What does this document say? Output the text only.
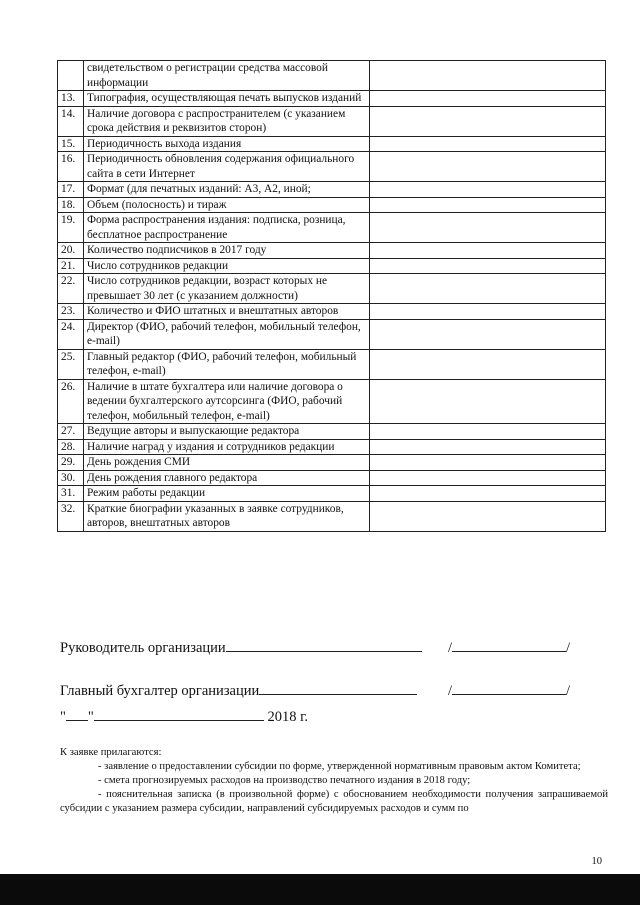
	свидетельством о регистрации средства массовой информации	
13.	Типография, осуществляющая печать выпусков изданий	
14.	Наличие договора с распространителем (с указанием срока действия и реквизитов сторон)	
15.	Периодичность выхода издания	
16.	Периодичность обновления содержания официального сайта в сети Интернет	
17.	Формат (для печатных изданий: А3, А2, иной;	
18.	Объем (полосность) и тираж	
19.	Форма распространения издания: подписка, розница, бесплатное распространение	
20.	Количество подписчиков в 2017 году	
21.	Число сотрудников редакции	
22.	Число сотрудников редакции, возраст которых не превышает 30 лет (с указанием должности)	
23.	Количество и ФИО штатных и внештатных авторов	
24.	Директор (ФИО, рабочий телефон, мобильный телефон, e-mail)	
25.	Главный редактор (ФИО, рабочий телефон, мобильный телефон, e-mail)	
26.	Наличие в штате бухгалтера или наличие договора о ведении бухгалтерского аутсорсинга (ФИО, рабочий телефон, мобильный телефон, e-mail)	
27.	Ведущие авторы и выпускающие редактора	
28.	Наличие наград у издания и сотрудников редакции	
29.	День рождения СМИ	
30.	День рождения главного редактора	
31.	Режим работы редакции	
32.	Краткие биографии указанных в заявке сотрудников, авторов, внештатных авторов	
Руководитель организации	/	/
Главный бухгалтер организации	/	/
" "	2018 г.

К заявке прилагаются:

- заявление о предоставлении субсидии по форме, утвержденной нормативным правовым актом Комитета;

- смета прогнозируемых расходов на производство печатного издания в 2018 году;

- пояснительная записка (в произвольной форме) с обоснованием необходимости получения запрашиваемой субсидии с указанием размера субсидии, направлений субсидируемых расходов и сумм по

10
